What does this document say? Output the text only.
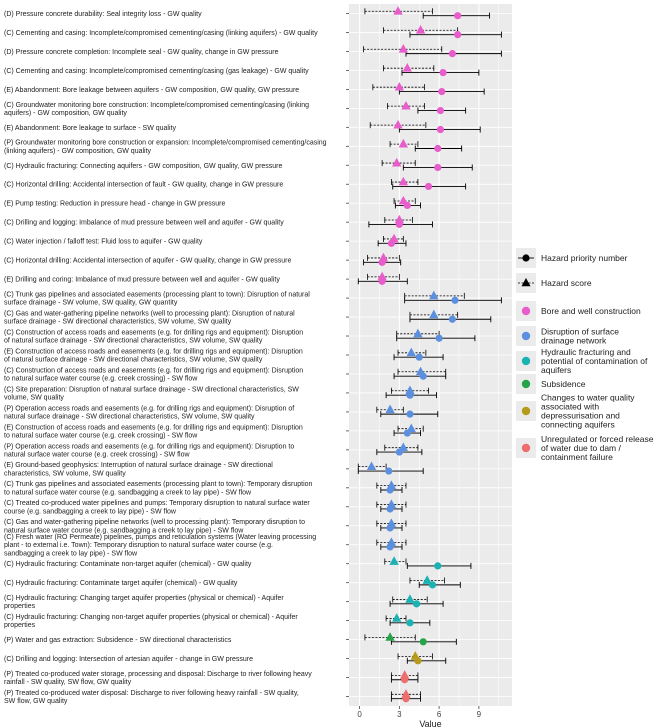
(D) Pressure concrete durability: Seal integrity loss - GW quality
(C) Cementing and casing: Incomplete/compromised cementing/casing (linking aquifers) - GW quality
(D) Pressure concrete completion: Incomplete seal - GW quality, change in GW pressure
(C) Cementing and casing: Incomplete/compromised cementing/casing (gas leakage) - GW quality
(E) Abandonment: Bore leakage between aquifers - GW composition, GW quality, GW pressure
(C) Groundwater monitoring bore construction: Incomplete/compromised cementing/casing (linking
aquifers) - GW composition, GW quality
(E) Abandonment: Bore leakage to surface - SW quality
(P) Groundwater monitoring bore construction or expansion: Incomplete/compromised cementing/casing
(linking aquifers) - GW composition, GW quality
(C) Hydraulic fracturing: Connecting aquifers - GW composition, GW quality, GW pressure
(C) Horizontal drilling: Accidental intersection of fault - GW quality, change in GW pressure
(E) Pump testing: Reduction in pressure head - change in GW pressure
(C) Drilling and logging: Imbalance of mud pressure between well and aquifer - GW quality
(C) Water injection / falloff test: Fluid loss to aquifer - GW quality
(C) Horizontal drilling: Accidental intersection of aquifer - GW quality, change in GW pressure
(E) Drilling and coring: Imbalance of mud pressure between well and aquifer - GW quality
(C) Trunk gas pipelines and associated easements (processing plant to town): Disruption of natural
surface drainage - SW volume, SW quality, GW quantity
(C) Gas and water-gathering pipeline networks (well to processing plant): Disruption of natural
surface drainage - SW directional characteristics, SW volume, SW quality
(C) Construction of access roads and easements (e.g. for drilling rigs and equipment): Disruption
of natural surface drainage - SW directional characteristics, SW volume, SW quality
(E) Construction of access roads and easements (e.g. for drilling rigs and equipment): Disruption
of natural surface drainage - SW directional characteristics, SW volume, SW quality
(C) Construction of access roads and easements (e.g. for drilling rigs and equipment): Disruption
to natural surface water course (e.g. creek crossing) - SW flow
(C) Site preparation: Disruption of natural surface drainage - SW directional characteristics, SW
volume, SW quality
(P) Operation access roads and easements (e.g. for drilling rigs and equipment): Disruption of
natural surface drainage - SW directional characteristics, SW volume, SW quality
(E) Construction of access roads and easements (e.g. for drilling rigs and equipment): Disruption
to natural surface water course (e.g. creek crossing) - SW flow
(P) Operation access roads and easements (e.g. for drilling rigs and equipment): Disruption to
natural surface water course (e.g. creek crossing) - SW flow
(E) Ground-based geophysics: Interruption of natural surface drainage - SW directional
characteristics, SW volume, SW quality
(C) Trunk gas pipelines and associated easements (processing plant to town): Temporary disruption
to natural surface water course (e.g. sandbagging a creek to lay pipe) - SW flow
(C) Treated co-produced water pipelines and pumps: Temporary disruption to natural surface water
course (e.g. sandbagging a creek to lay pipe) - SW flow
(C) Gas and water-gathering pipeline networks (well to processing plant): Temporary disruption to
natural surface water course (e.g. sandbagging a creek to lay pipe) - SW flow
(C) Fresh water (RO Permeate) pipelines, pumps and reticulation systems (Water leaving processing
plant - to external i.e. Town): Temporary disruption to natural surface water course (e.g.
sandbagging a creek to lay pipe) - SW flow
(C) Hydraulic fracturing: Contaminate non-target aquifer (chemical) - GW quality
(C) Hydraulic fracturing: Contaminate target aquifer (chemical) - GW quality
(C) Hydraulic fracturing: Changing target aquifer properties (physical or chemical) - Aquifer
properties
(C) Hydraulic fracturing: Changing non-target aquifer properties (physical or chemical) - Aquifer
properties
(P) Water and gas extraction: Subsidence - SW directional characteristics
(C) Drilling and logging: Intersection of artesian aquifer - change in GW pressure
(P) Treated co-produced water storage, processing and disposal: Discharge to river following heavy
rainfall - SW quality, SW flow, GW quality
(P) Treated co-produced water disposal: Discharge to river following heavy rainfall - SW quality,
SW flow, GW quality
0	3	6	9
Value
Hazard priority number
Hazard score
Bore and well construction
Disruption of surface drainage network
Hydraulic fracturing and potential of contamination of aquifers
Subsidence
Changes to water quality associated with depressurisation and connecting aquifers
Unregulated or forced release of water due to dam / containment failure
